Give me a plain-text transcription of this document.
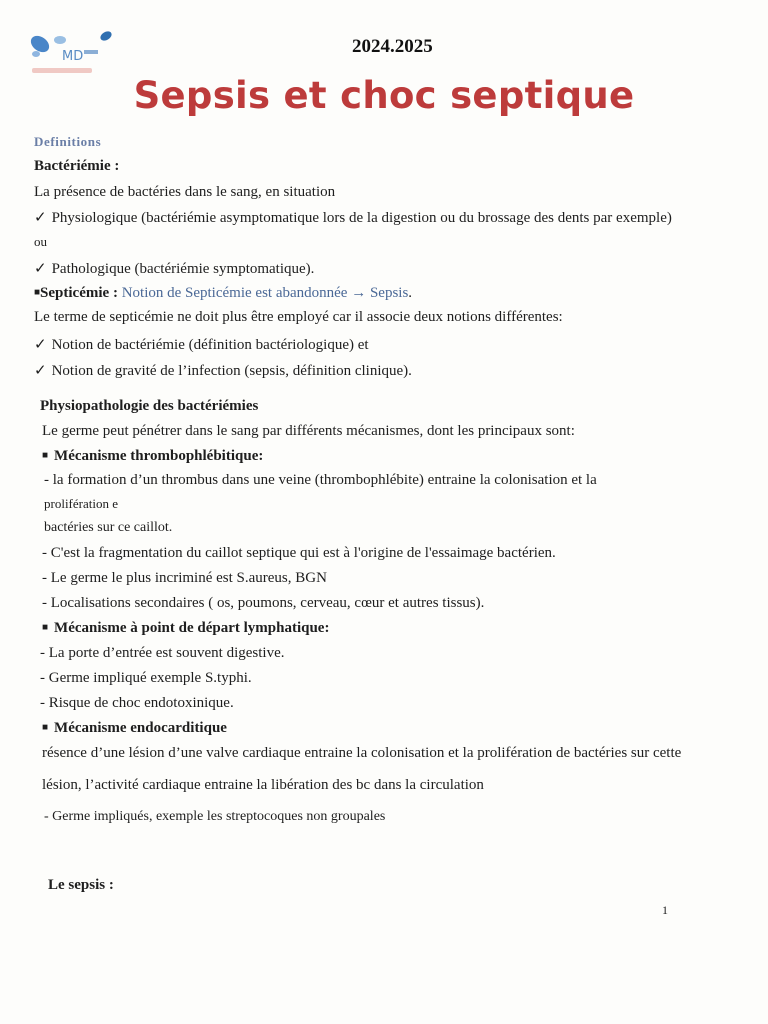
MD	2024.2025
Sepsis et choc septique
Definitions
Bactériémie :
La présence de bactéries dans le sang, en situation
✓ Physiologique (bactériémie asymptomatique lors de la digestion ou du brossage des dents par exemple)
ou
✓ Pathologique (bactériémie symptomatique).
■Septicémie : Notion de Septicémie est abandonnée → Sepsis.
Le terme de septicémie ne doit plus être employé car il associe deux notions différentes:
✓ Notion de bactériémie (définition bactériologique) et
✓ Notion de gravité de l’infection (sepsis, définition clinique).
Physiopathologie des bactériémies
Le germe peut pénétrer dans le sang par différents mécanismes, dont les principaux sont:
■ Mécanisme thrombophlébitique:
- la formation d’un thrombus dans une veine (thrombophlébite) entraine la colonisation et la
prolifération e
bactéries sur ce caillot.
- C'est la fragmentation du caillot septique qui est à l'origine de l'essaimage bactérien.
- Le germe le plus incriminé est S.aureus, BGN
- Localisations secondaires ( os, poumons, cerveau, cœur et autres tissus).
■ Mécanisme à point de départ lymphatique:
- La porte d’entrée est souvent digestive.
- Germe impliqué exemple S.typhi.
- Risque de choc endotoxinique.
■ Mécanisme endocarditique
résence d’une lésion d’une valve cardiaque entraine la colonisation et la prolifération de bactéries sur cette
lésion, l’activité cardiaque entraine la libération des bc dans la circulation
- Germe impliqués, exemple les streptocoques non groupales
Le sepsis :
1
